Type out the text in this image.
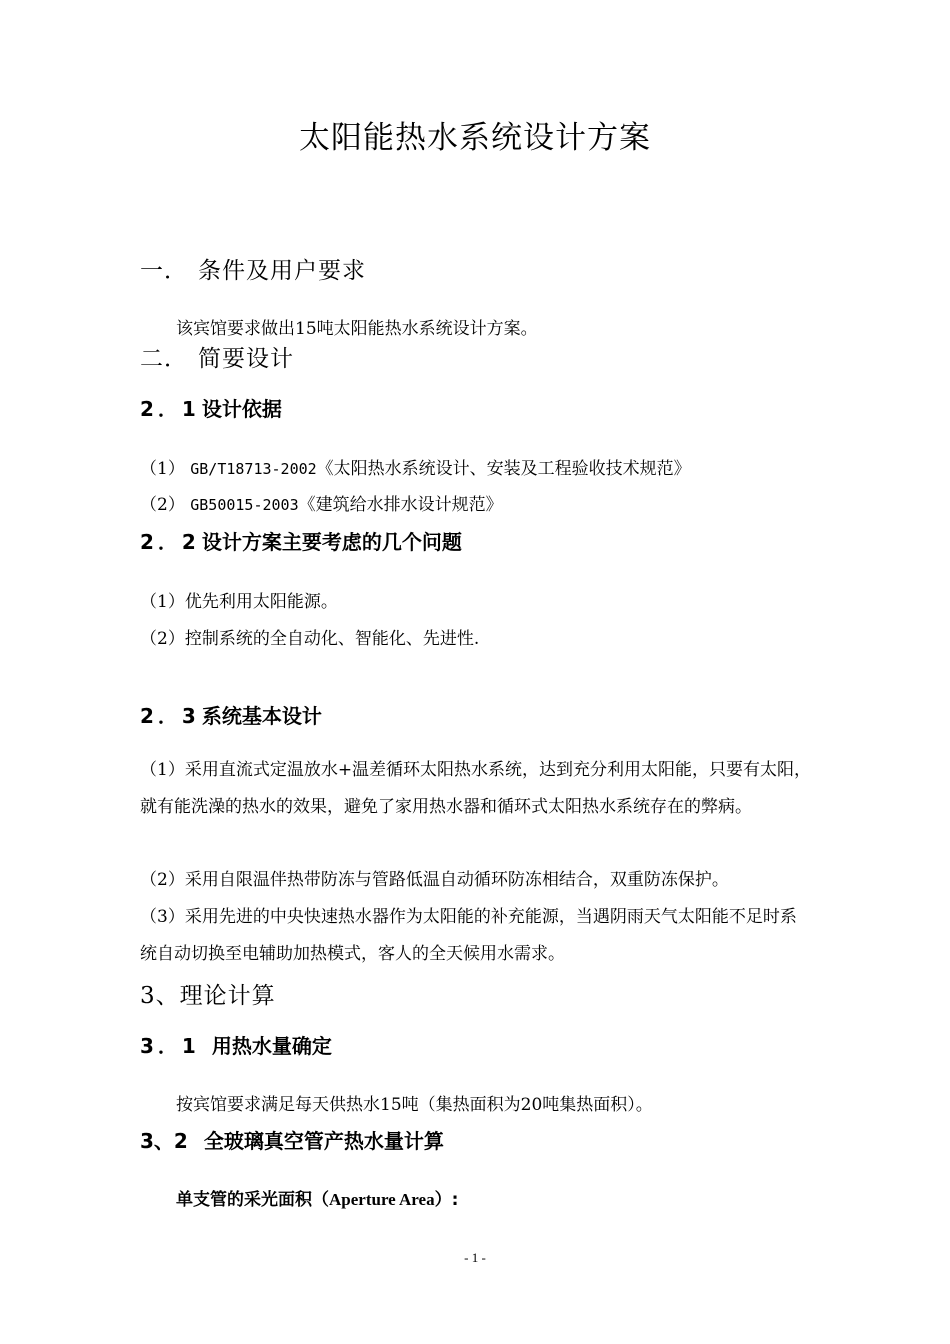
太阳能热水系统设计方案
一． 条件及用户要求
该宾馆要求做出15吨太阳能热水系统设计方案。
二． 简要设计
2．1 设计依据
（1） GB/T18713-2002《太阳热水系统设计、安装及工程验收技术规范》
（2） GB50015-2003《建筑给水排水设计规范》
2．2 设计方案主要考虑的几个问题
（1）优先利用太阳能源。
（2）控制系统的全自动化、智能化、先进性.
2．3 系统基本设计

（1）采用直流式定温放水+温差循环太阳热水系统，达到充分利用太阳能，只要有太阳，就有能洗澡的热水的效果，避免了家用热水器和循环式太阳热水系统存在的弊病。

（2）采用自限温伴热带防冻与管路低温自动循环防冻相结合，双重防冻保护。

（3）采用先进的中央快速热水器作为太阳能的补充能源，当遇阴雨天气太阳能不足时系统自动切换至电辅助加热模式，客人的全天候用水需求。

3、理论计算
3．1 用热水量确定
按宾馆要求满足每天供热水15吨（集热面积为20吨集热面积）。
3、2 全玻璃真空管产热水量计算
单支管的采光面积（Aperture Area）:
- 1 -
